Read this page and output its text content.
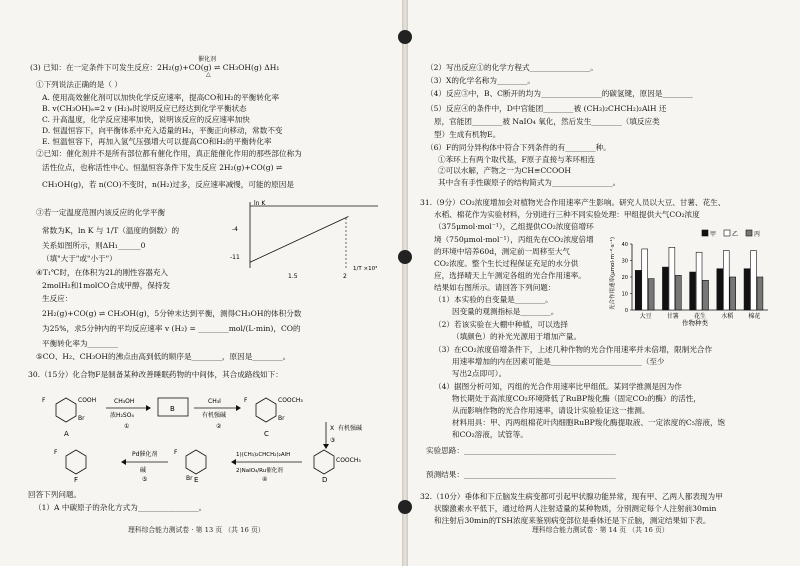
(3) 已知：在一定条件下可发生反应：2H₂(g)+CO(g) ⇌ CH₃OH(g) ΔH₁
催化剂
△
①下列说法正确的是（ ）
A. 使用高效催化剂可以加快化学反应速率，提高CO和H₂的平衡转化率
B. v(CH₃OH)ₑ=2 v (H₂)ₑ时说明反应已经达到化学平衡状态
C. 升高温度，化学反应速率加快，说明该反应的反应速率加快
D. 恒温恒容下，向平衡体系中充入适量的H₂，平衡正向移动，常数不变
E. 恒温恒容下，再加入氢气压强增大可以提高CO和H₂的平衡转化率
②已知：催化剂并不是所有部位都有催化作用，真正能催化作用的那些部位称为
活性位点，也称活性中心。恒温恒容条件下发生反应 2H₂(g)+CO(g) ⇌
CH₃OH(g)，若 n(CO)不变时，n(H₂)过多，反应速率减慢，可能的原因是
③若一定温度范围内该反应的化学平衡
常数为K，ln K 与 1/T（温度的倒数）的
关系如图所示，则ΔH₁______0
（填"大于"或"小于"）
④T₁℃时，在体积为2L的刚性容器充入
2molH₂和1molCO合成甲醇，保持发
生反应：
2H₂(g)+CO(g) ⇌ CH₃OH(g)，5分钟末达到平衡，测得CH₃OH的体积分数
为25%，求5分钟内的平均反应速率 v (H₂) = ________mol/(L·min)，CO的
平衡转化率为________
⑤CO、H₂、CH₃OH的沸点由高到低的顺序是________，原因是________。
ln K
-4
-11
1.5	2
1/T ×10³
30.（15分）化合物F是制备某种改善睡眠药物的中间体，其合成路线如下：
F
Br
COOH
A
CH₃OH
浓H₂SO₄
①
B
CH₃I
有机强碱
②
F	COOCH₃
Br
C
X 有机强碱
③
COOCH₃
D
1)(CH₃)₂CHCH₂)₂AlH
2)NaIO₄/Ru催化剂
④
F
Br E
Pd催化剂
碱
⑤
F
F
回答下列问题。
（1）A 中碳原子的杂化方式为________________。
理科综合能力测试卷 · 第 13 页 （共 16 页）
（2）写出反应①的化学方程式________________。
（3）X的化学名称为________。
（4）反应③中，B、C断开的均为________________的碳氢键，原因是________
（5）反应④的条件中，D中官能团________被 (CH₃)₂CHCH₂)₂AlH 还
原，官能团________被 NaIO₄ 氧化，然后发生________（填反应类
型）生成有机物E。
（6）F的同分异构体中符合下列条件的有________种。
①苯环上有两个取代基，F原子直接与苯环相连
②可以水解，产物之一为CH≡CCOOH
其中含有手性碳原子的结构简式为________________。
31.（9分）CO₂浓度增加会对植物光合作用速率产生影响。研究人员以大豆、甘薯、花生、
水稻、棉花作为实验材料，分别进行三种不同实验处理：甲组提供大气CO₂浓度
（375μmol·mol⁻¹），乙组提供CO₂浓度倍增环
境（750μmol·mol⁻¹），丙组先在CO₂浓度倍增
的环境中培养60d，测定前一周移至大气
CO₂浓度。整个生长过程保证充足的水分供
应，选择晴天上午测定各组的光合作用速率。
结果如右图所示。请回答下列问题：
（1）本实验的自变量是________。
因变量的观测指标是________。
（2）若该实验在大棚中种植，可以选择
（填颜色）的补光光源用于增加产量。
（3）在CO₂浓度倍增条件下，上述几种作物的光合作用速率并未倍增，限制光合作
用速率增加的内在因素可能是________________________（至少
写出2点即可）。
（4）据图分析可知，丙组的光合作用速率比甲组低。某同学推测是因为作
物长期处于高浓度CO₂环境降低了RuBP羧化酶（固定CO₂的酶）的活性，
从而影响作物的光合作用速率，请设计实验验证这一推测。
材料用具：甲、丙两组棉花叶肉细胞RuBP羧化酶提取液、一定浓度的C₅溶液，饱
和CO₂溶液，试管等。
实验思路：________________________________________
预测结果：________________________________________
32.（10分）垂体和下丘脑发生病变都可引起甲状腺功能异常，现有甲、乙两人都表现为甲
状腺激素水平低下，通过给两人注射适量的某种物质，分别测定每个人注射前30min
和注射后30min的TSH浓度来鉴别病变部位是垂体还是下丘脑，测定结果如下表。
0
10
20
30
40
大豆	甘薯	花生	水稻	棉花
甲	乙	丙
光合作用速率(μmol·m⁻²·s⁻¹)
作物种类
理科综合能力测试卷 · 第 14 页 （共 16 页）
